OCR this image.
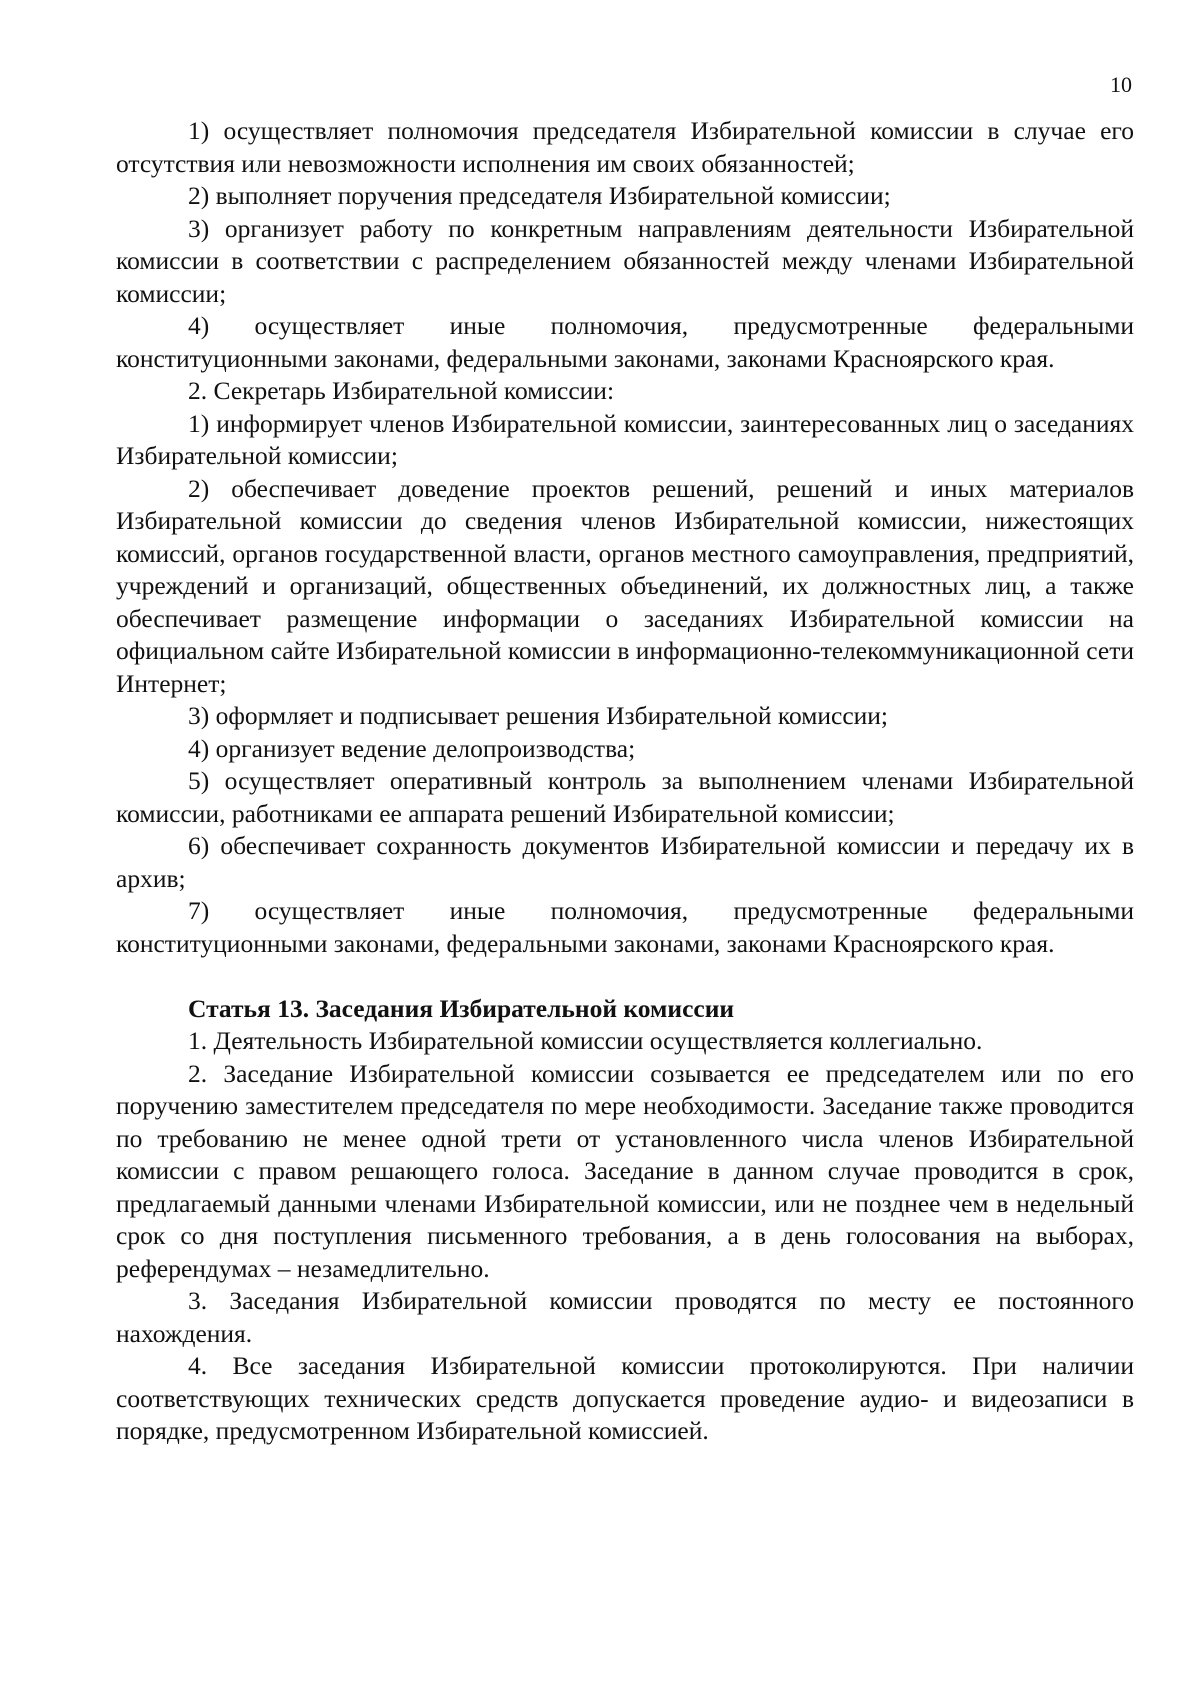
10

1) осуществляет полномочия председателя Избирательной комиссии в случае его отсутствия или невозможности исполнения им своих обязанностей;

2) выполняет поручения председателя Избирательной комиссии;

3) организует работу по конкретным направлениям деятельности Избирательной комиссии в соответствии с распределением обязанностей между членами Избирательной комиссии;

4) осуществляет иные полномочия, предусмотренные федеральными конституционными законами, федеральными законами, законами Красноярского края.

2. Секретарь Избирательной комиссии:

1) информирует членов Избирательной комиссии, заинтересованных лиц о заседаниях Избирательной комиссии;

2) обеспечивает доведение проектов решений, решений и иных материалов Избирательной комиссии до сведения членов Избирательной комиссии, нижестоящих комиссий, органов государственной власти, органов местного самоуправления, предприятий, учреждений и организаций, общественных объединений, их должностных лиц, а также обеспечивает размещение информации о заседаниях Избирательной комиссии на официальном сайте Избирательной комиссии в информационно-телекоммуникационной сети Интернет;

3) оформляет и подписывает решения Избирательной комиссии;

4) организует ведение делопроизводства;

5) осуществляет оперативный контроль за выполнением членами Избирательной комиссии, работниками ее аппарата решений Избирательной комиссии;

6) обеспечивает сохранность документов Избирательной комиссии и передачу их в архив;

7) осуществляет иные полномочия, предусмотренные федеральными конституционными законами, федеральными законами, законами Красноярского края.

Статья 13. Заседания Избирательной комиссии

1. Деятельность Избирательной комиссии осуществляется коллегиально.

2. Заседание Избирательной комиссии созывается ее председателем или по его поручению заместителем председателя по мере необходимости. Заседание также проводится по требованию не менее одной трети от установленного числа членов Избирательной комиссии с правом решающего голоса. Заседание в данном случае проводится в срок, предлагаемый данными членами Избирательной комиссии, или не позднее чем в недельный срок со дня поступления письменного требования, а в день голосования на выборах, референдумах – незамедлительно.

3. Заседания Избирательной комиссии проводятся по месту ее постоянного нахождения.

4. Все заседания Избирательной комиссии протоколируются. При наличии соответствующих технических средств допускается проведение аудио- и видеозаписи в порядке, предусмотренном Избирательной комиссией.
